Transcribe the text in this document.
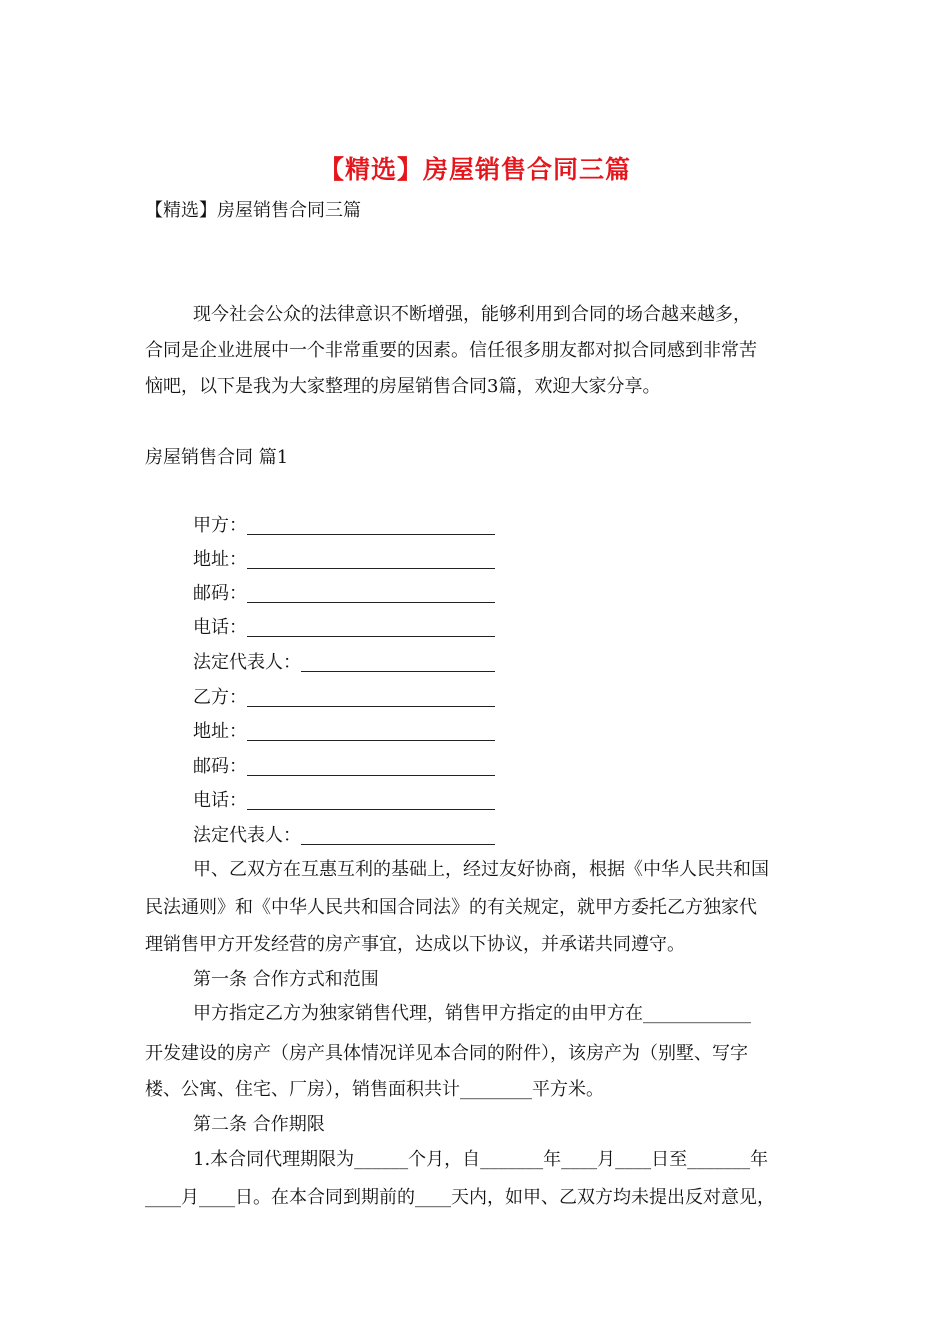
【精选】房屋销售合同三篇
【精选】房屋销售合同三篇
现今社会公众的法律意识不断增强，能够利用到合同的场合越来越多，
合同是企业进展中一个非常重要的因素。信任很多朋友都对拟合同感到非常苦
恼吧，以下是我为大家整理的房屋销售合同3篇，欢迎大家分享。
房屋销售合同 篇1
甲方：
地址：
邮码：
电话：
法定代表人：
乙方：
地址：
邮码：
电话：
法定代表人：
甲、乙双方在互惠互利的基础上，经过友好协商，根据《中华人民共和国
民法通则》和《中华人民共和国合同法》的有关规定，就甲方委托乙方独家代
理销售甲方开发经营的房产事宜，达成以下协议，并承诺共同遵守。
第一条 合作方式和范围
甲方指定乙方为独家销售代理，销售甲方指定的由甲方在____________
开发建设的房产（房产具体情况详见本合同的附件），该房产为（别墅、写字
楼、公寓、住宅、厂房），销售面积共计________平方米。
第二条 合作期限
1.本合同代理期限为______个月，自_______年____月____日至_______年
____月____日。在本合同到期前的____天内，如甲、乙双方均未提出反对意见，
